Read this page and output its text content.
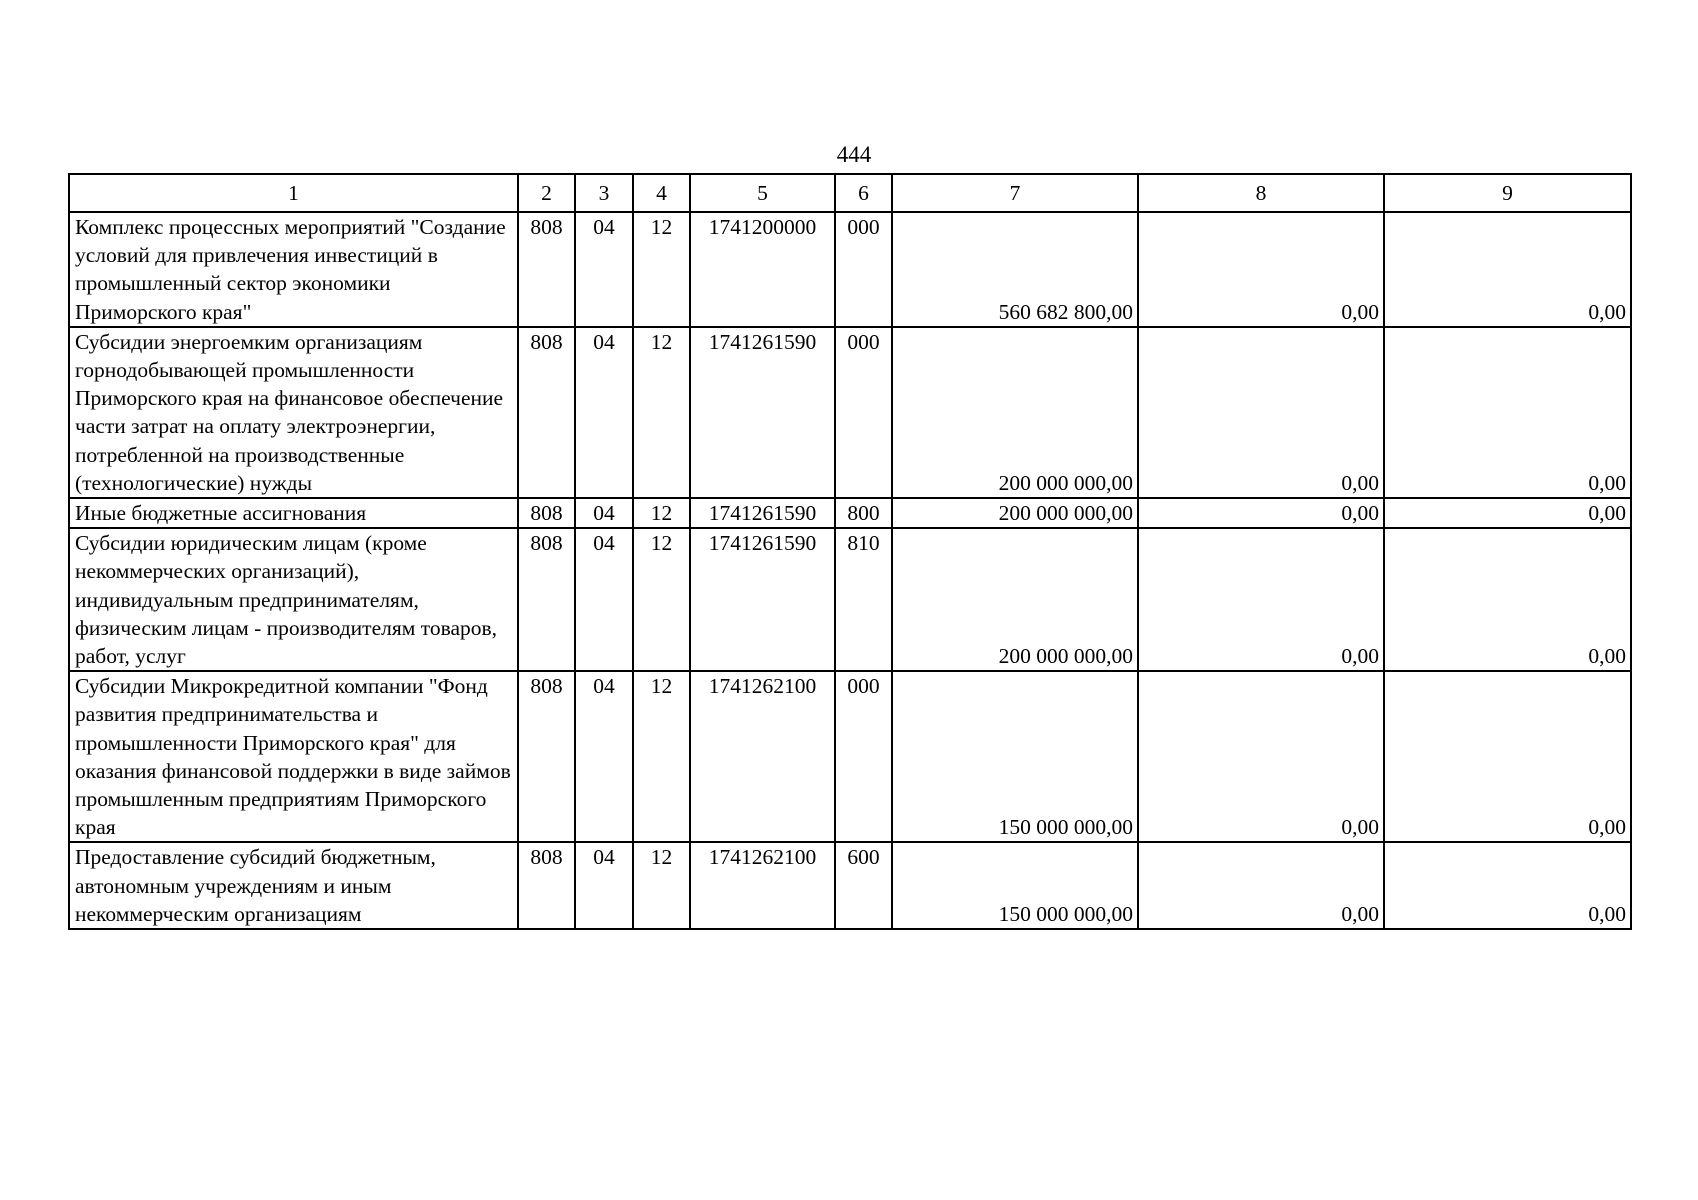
444
1	2	3	4	5	6	7	8	9
Комплекс процессных мероприятий "Создание условий для привлечения инвестиций в промышленный сектор экономики Приморского края"	808	04	12	1741200000	000	560 682 800,00	0,00	0,00
Субсидии энергоемким организациям горнодобывающей промышленности Приморского края на финансовое обеспечение части затрат на оплату электроэнергии, потребленной на производственные (технологические) нужды	808	04	12	1741261590	000	200 000 000,00	0,00	0,00
Иные бюджетные ассигнования	808	04	12	1741261590	800	200 000 000,00	0,00	0,00
Субсидии юридическим лицам (кроме некоммерческих организаций), индивидуальным предпринимателям, физическим лицам - производителям товаров, работ, услуг	808	04	12	1741261590	810	200 000 000,00	0,00	0,00
Субсидии Микрокредитной компании "Фонд развития предпринимательства и промышленности Приморского края" для оказания финансовой поддержки в виде займов промышленным предприятиям Приморского края	808	04	12	1741262100	000	150 000 000,00	0,00	0,00
Предоставление субсидий бюджетным, автономным учреждениям и иным некоммерческим организациям	808	04	12	1741262100	600	150 000 000,00	0,00	0,00
